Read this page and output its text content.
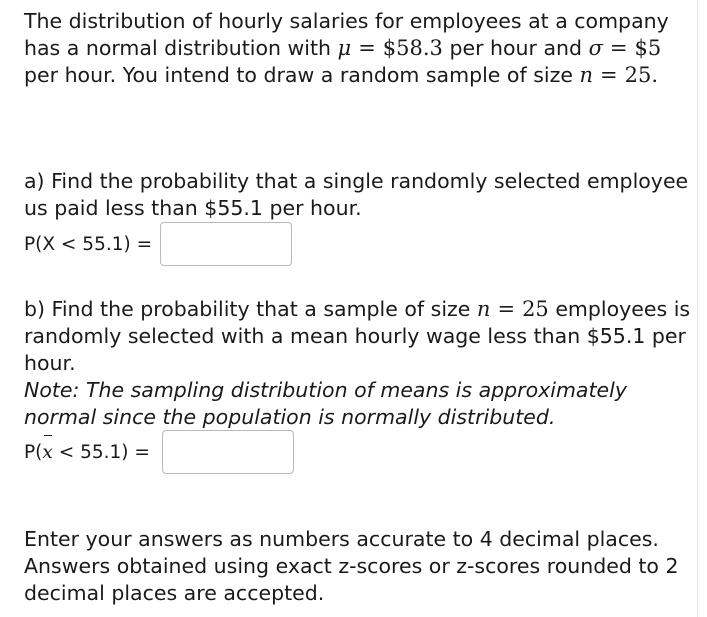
The distribution of hourly salaries for employees at a company
has a normal distribution with μ = $58.3 per hour and σ = $5
per hour. You intend to draw a random sample of size n = 25.
a) Find the probability that a single randomly selected employee
us paid less than $55.1 per hour.
P(X < 55.1) =
b) Find the probability that a sample of size n = 25 employees is
randomly selected with a mean hourly wage less than $55.1 per
hour.
Note: The sampling distribution of means is approximately
normal since the population is normally distributed.
P(x < 55.1) =
Enter your answers as numbers accurate to 4 decimal places.
Answers obtained using exact z-scores or z-scores rounded to 2
decimal places are accepted.
